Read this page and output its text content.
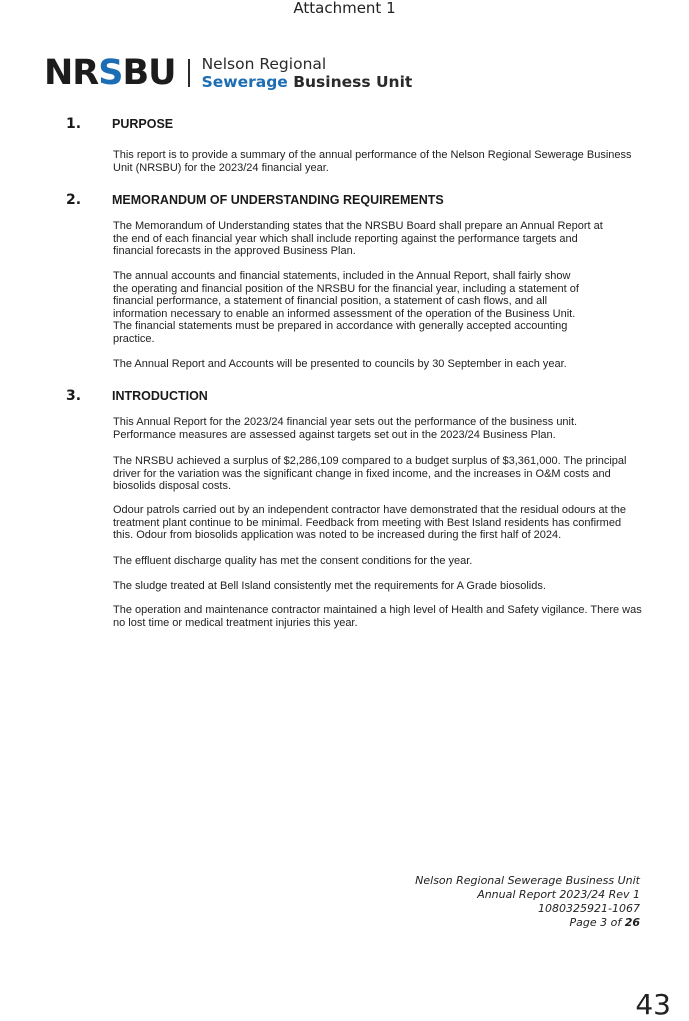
Attachment 1
NRSBU Nelson Regional
Sewerage Business Unit
1.	PURPOSE

This report is to provide a summary of the annual performance of the Nelson Regional Sewerage Business Unit (NRSBU) for the 2023/24 financial year.

2.	MEMORANDUM OF UNDERSTANDING REQUIREMENTS

The Memorandum of Understanding states that the NRSBU Board shall prepare an Annual Report at the end of each financial year which shall include reporting against the performance targets and financial forecasts in the approved Business Plan.

The annual accounts and financial statements, included in the Annual Report, shall fairly show the operating and financial position of the NRSBU for the financial year, including a statement of financial performance, a statement of financial position, a statement of cash flows, and all information necessary to enable an informed assessment of the operation of the Business Unit. The financial statements must be prepared in accordance with generally accepted accounting practice.

The Annual Report and Accounts will be presented to councils by 30 September in each year.

3.	INTRODUCTION

This Annual Report for the 2023/24 financial year sets out the performance of the business unit. Performance measures are assessed against targets set out in the 2023/24 Business Plan.

The NRSBU achieved a surplus of $2,286,109 compared to a budget surplus of $3,361,000. The principal driver for the variation was the significant change in fixed income, and the increases in O&M costs and biosolids disposal costs.

Odour patrols carried out by an independent contractor have demonstrated that the residual odours at the treatment plant continue to be minimal. Feedback from meeting with Best Island residents has confirmed this. Odour from biosolids application was noted to be increased during the first half of 2024.

The effluent discharge quality has met the consent conditions for the year.

The sludge treated at Bell Island consistently met the requirements for A Grade biosolids.

The operation and maintenance contractor maintained a high level of Health and Safety vigilance. There was no lost time or medical treatment injuries this year.

Nelson Regional Sewerage Business Unit
Annual Report 2023/24 Rev 1
1080325921-1067
Page 3 of 26
43
